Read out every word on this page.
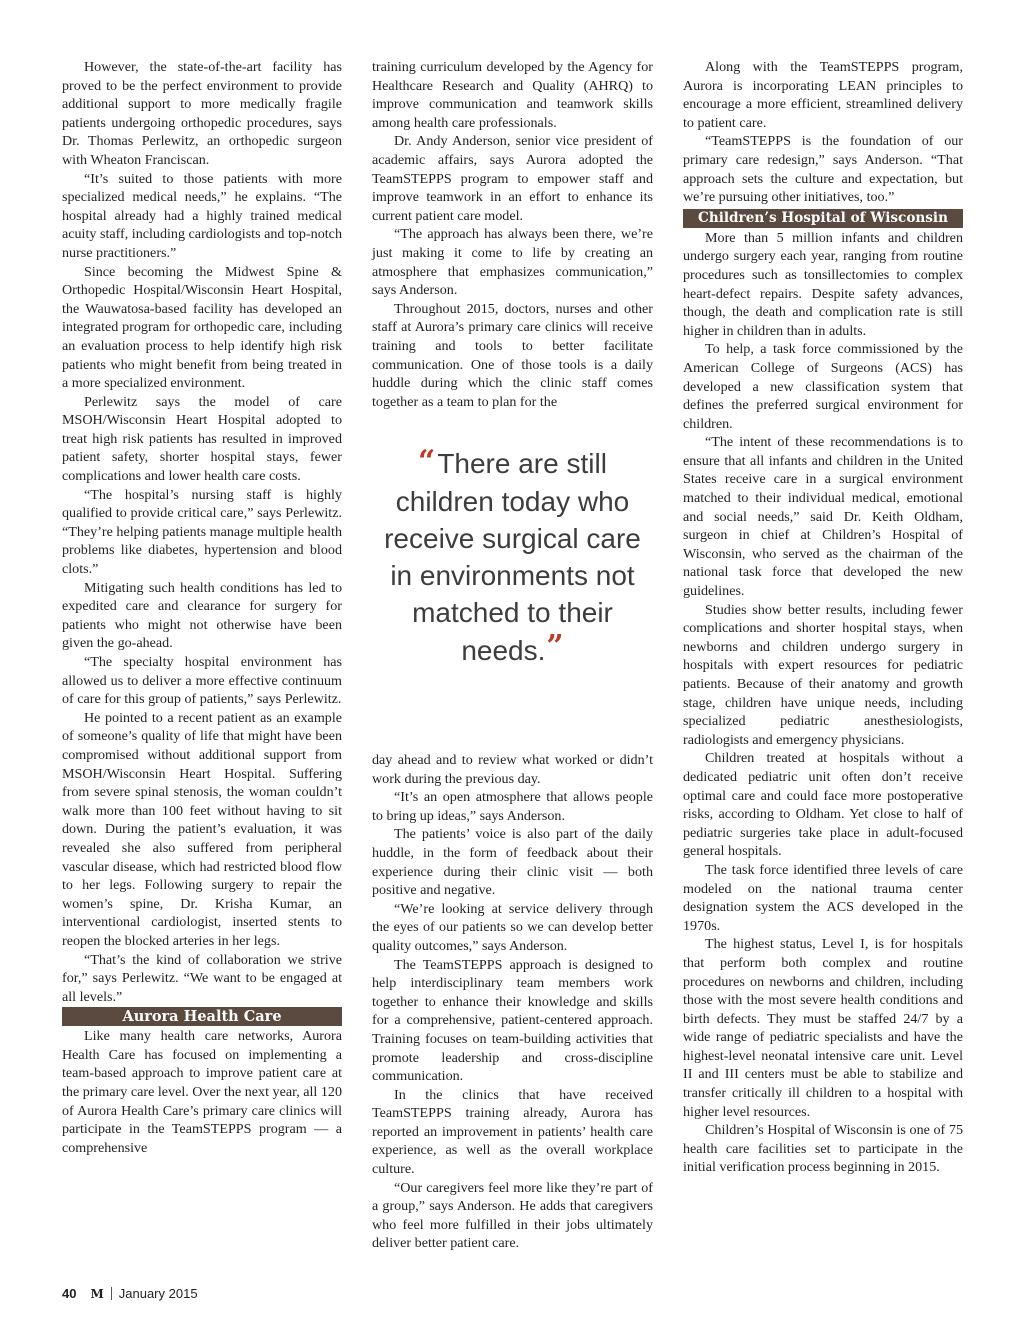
However, the state-of-the-art facility has proved to be the perfect environment to provide additional support to more medically fragile patients undergoing orthopedic procedures, says Dr. Thomas Perlewitz, an orthopedic surgeon with Wheaton Franciscan.

“It’s suited to those patients with more specialized medical needs,” he explains. “The hospital already had a highly trained medical acuity staff, including cardiologists and top-notch nurse practitioners.”

Since becoming the Midwest Spine & Orthopedic Hospital/Wisconsin Heart Hospital, the Wauwatosa-based facility has developed an integrated program for orthopedic care, including an evaluation process to help identify high risk patients who might benefit from being treated in a more specialized environment.

Perlewitz says the model of care MSOH/Wisconsin Heart Hospital adopted to treat high risk patients has resulted in improved patient safety, shorter hospital stays, fewer complications and lower health care costs.

“The hospital’s nursing staff is highly qualified to provide critical care,” says Perlewitz. “They’re helping patients manage multiple health problems like diabetes, hypertension and blood clots.”

Mitigating such health conditions has led to expedited care and clearance for surgery for patients who might not otherwise have been given the go-ahead.

“The specialty hospital environment has allowed us to deliver a more effective continuum of care for this group of patients,” says Perlewitz.

He pointed to a recent patient as an example of someone’s quality of life that might have been compromised without additional support from MSOH/Wisconsin Heart Hospital. Suffering from severe spinal stenosis, the woman couldn’t walk more than 100 feet without having to sit down. During the patient’s evaluation, it was revealed she also suffered from peripheral vascular disease, which had restricted blood flow to her legs. Following surgery to repair the women’s spine, Dr. Krisha Kumar, an interventional cardiologist, inserted stents to reopen the blocked arteries in her legs.

“That’s the kind of collaboration we strive for,” says Perlewitz. “We want to be engaged at all levels.”

Aurora Health Care

Like many health care networks, Aurora Health Care has focused on implementing a team-based approach to improve patient care at the primary care level. Over the next year, all 120 of Aurora Health Care’s primary care clinics will participate in the TeamSTEPPS program — a comprehensive

training curriculum developed by the Agency for Healthcare Research and Quality (AHRQ) to improve communication and teamwork skills among health care professionals.

Dr. Andy Anderson, senior vice president of academic affairs, says Aurora adopted the TeamSTEPPS program to empower staff and improve teamwork in an effort to enhance its current patient care model.

“The approach has always been there, we’re just making it come to life by creating an atmosphere that emphasizes communication,” says Anderson.

Throughout 2015, doctors, nurses and other staff at Aurora’s primary care clinics will receive training and tools to better facilitate communication. One of those tools is a daily huddle during which the clinic staff comes together as a team to plan for the

“There are still children today who receive surgical care in environments not matched to their needs.”

day ahead and to review what worked or didn’t work during the previous day.

“It’s an open atmosphere that allows people to bring up ideas,” says Anderson.

The patients’ voice is also part of the daily huddle, in the form of feedback about their experience during their clinic visit — both positive and negative.

“We’re looking at service delivery through the eyes of our patients so we can develop better quality outcomes,” says Anderson.

The TeamSTEPPS approach is designed to help interdisciplinary team members work together to enhance their knowledge and skills for a comprehensive, patient-centered approach. Training focuses on team-building activities that promote leadership and cross-discipline communication.

In the clinics that have received TeamSTEPPS training already, Aurora has reported an improvement in patients’ health care experience, as well as the overall workplace culture.

“Our caregivers feel more like they’re part of a group,” says Anderson. He adds that caregivers who feel more fulfilled in their jobs ultimately deliver better patient care.

Along with the TeamSTEPPS program, Aurora is incorporating LEAN principles to encourage a more efficient, streamlined delivery to patient care.

“TeamSTEPPS is the foundation of our primary care redesign,” says Anderson. “That approach sets the culture and expectation, but we’re pursuing other initiatives, too.”

Children’s Hospital of Wisconsin

More than 5 million infants and children undergo surgery each year, ranging from routine procedures such as tonsillectomies to complex heart-defect repairs. Despite safety advances, though, the death and complication rate is still higher in children than in adults.

To help, a task force commissioned by the American College of Surgeons (ACS) has developed a new classification system that defines the preferred surgical environment for children.

“The intent of these recommendations is to ensure that all infants and children in the United States receive care in a surgical environment matched to their individual medical, emotional and social needs,” said Dr. Keith Oldham, surgeon in chief at Children’s Hospital of Wisconsin, who served as the chairman of the national task force that developed the new guidelines.

Studies show better results, including fewer complications and shorter hospital stays, when newborns and children undergo surgery in hospitals with expert resources for pediatric patients. Because of their anatomy and growth stage, children have unique needs, including specialized pediatric anesthesiologists, radiologists and emergency physicians.

Children treated at hospitals without a dedicated pediatric unit often don’t receive optimal care and could face more postoperative risks, according to Oldham. Yet close to half of pediatric surgeries take place in adult-focused general hospitals.

The task force identified three levels of care modeled on the national trauma center designation system the ACS developed in the 1970s.

The highest status, Level I, is for hospitals that perform both complex and routine procedures on newborns and children, including those with the most severe health conditions and birth defects. They must be staffed 24/7 by a wide range of pediatric specialists and have the highest-level neonatal intensive care unit. Level II and III centers must be able to stabilize and transfer critically ill children to a hospital with higher level resources.

Children’s Hospital of Wisconsin is one of 75 health care facilities set to participate in the initial verification process beginning in 2015.

40 M January 2015
